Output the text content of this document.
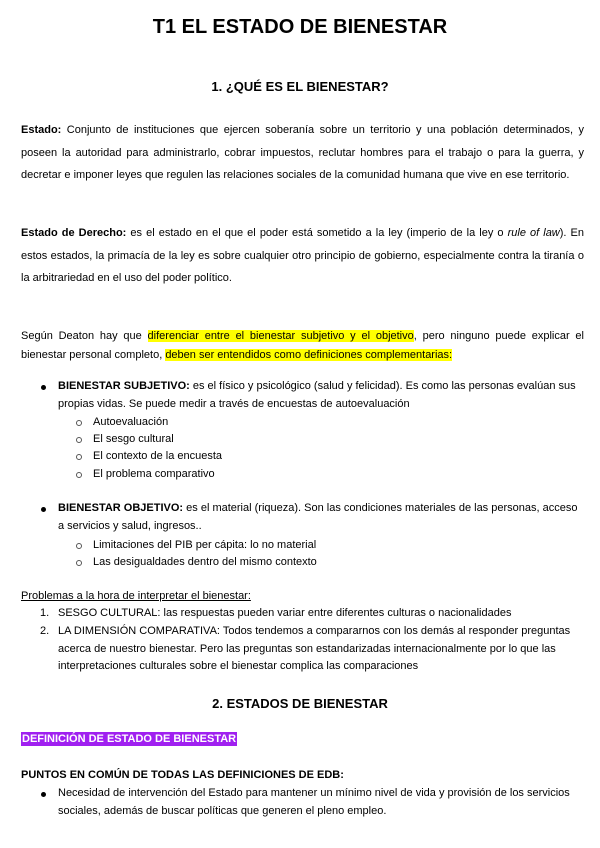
T1 EL ESTADO DE BIENESTAR
1. ¿QUÉ ES EL BIENESTAR?
Estado: Conjunto de instituciones que ejercen soberanía sobre un territorio y una población determinados, y poseen la autoridad para administrarlo, cobrar impuestos, reclutar hombres para el trabajo o para la guerra, y decretar e imponer leyes que regulen las relaciones sociales de la comunidad humana que vive en ese territorio.
Estado de Derecho: es el estado en el que el poder está sometido a la ley (imperio de la ley o rule of law). En estos estados, la primacía de la ley es sobre cualquier otro principio de gobierno, especialmente contra la tiranía o la arbitrariedad en el uso del poder político.
Según Deaton hay que diferenciar entre el bienestar subjetivo y el objetivo, pero ninguno puede explicar el bienestar personal completo, deben ser entendidos como definiciones complementarias:
BIENESTAR SUBJETIVO: es el físico y psicológico (salud y felicidad). Es como las personas evalúan sus propias vidas. Se puede medir a través de encuestas de autoevaluación
Autoevaluación
El sesgo cultural
El contexto de la encuesta
El problema comparativo
BIENESTAR OBJETIVO: es el material (riqueza). Son las condiciones materiales de las personas, acceso a servicios y salud, ingresos..
Limitaciones del PIB per cápita: lo no material
Las desigualdades dentro del mismo contexto
Problemas a la hora de interpretar el bienestar:
1. SESGO CULTURAL: las respuestas pueden variar entre diferentes culturas o nacionalidades
2. LA DIMENSIÓN COMPARATIVA: Todos tendemos a compararnos con los demás al responder preguntas acerca de nuestro bienestar. Pero las preguntas son estandarizadas internacionalmente por lo que las interpretaciones culturales sobre el bienestar complica las comparaciones
2. ESTADOS DE BIENESTAR
DEFINICIÓN DE ESTADO DE BIENESTAR
PUNTOS EN COMÚN DE TODAS LAS DEFINICIONES DE EDB:
Necesidad de intervención del Estado para mantener un mínimo nivel de vida y provisión de los servicios sociales, además de buscar políticas que generen el pleno empleo.
